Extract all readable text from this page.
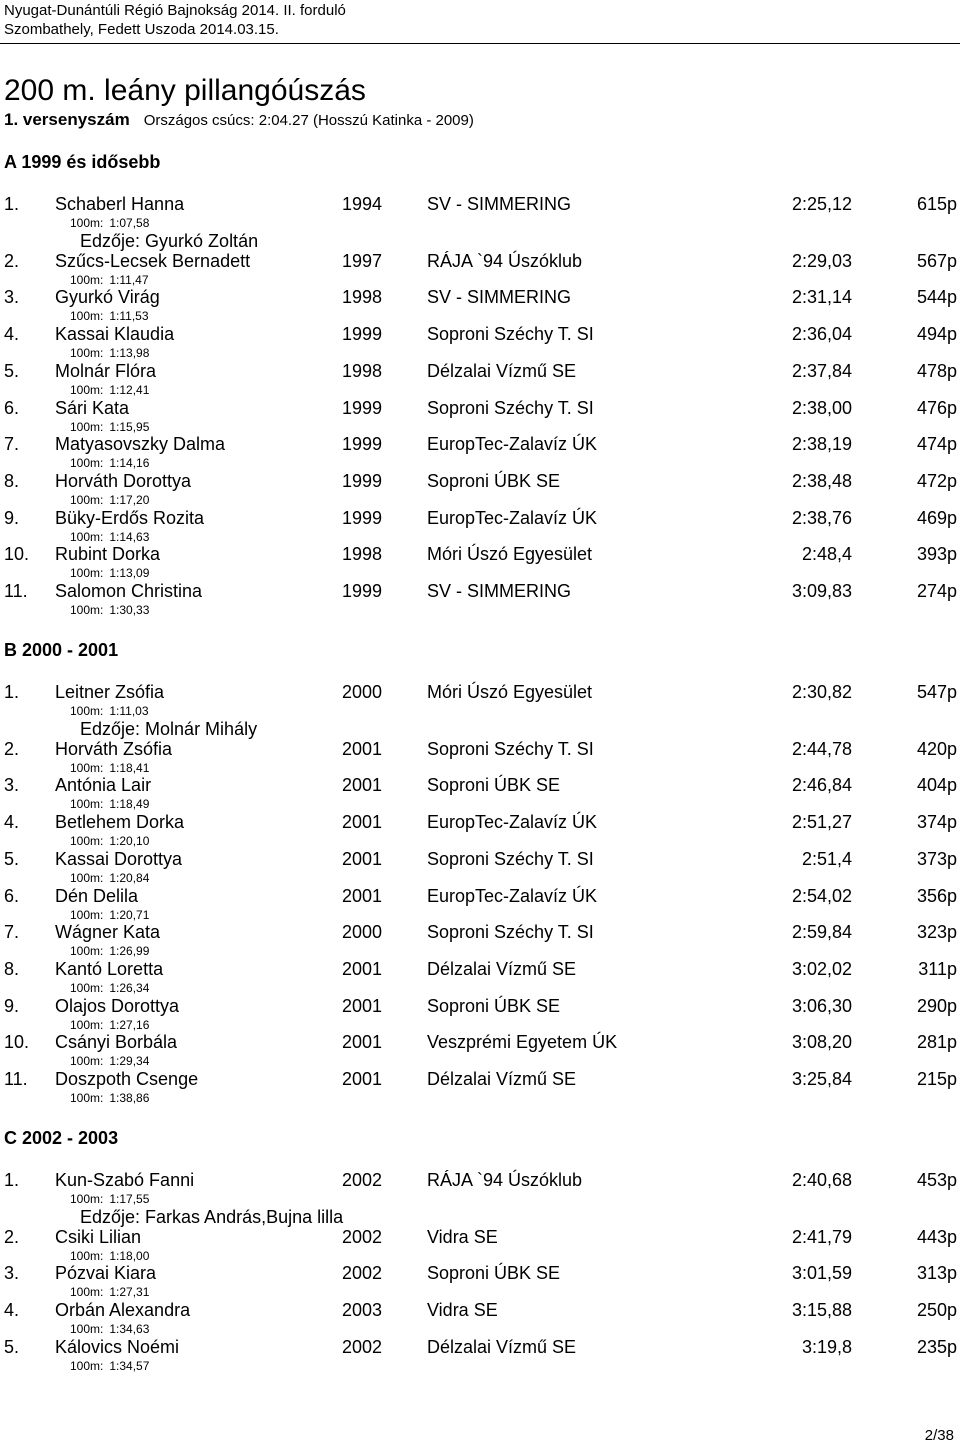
Nyugat-Dunántúli Régió Bajnokság 2014. II. forduló
Szombathely, Fedett Uszoda 2014.03.15.
200 m. leány pillangóúszás
1. versenyszám Országos csúcs: 2:04.27 (Hosszú Katinka - 2009)
A 1999 és idősebb
1. Schaberl Hanna	1994 SV - SIMMERING	2:25,12	615p
100m: 1:07,58
Edzője: Gyurkó Zoltán
2. Szűcs-Lecsek Bernadett	1997 RÁJA `94 Úszóklub	2:29,03	567p
100m: 1:11,47
3. Gyurkó Virág	1998 SV - SIMMERING	2:31,14	544p
100m: 1:11,53
4. Kassai Klaudia	1999 Soproni Széchy T. SI	2:36,04	494p
100m: 1:13,98
5. Molnár Flóra	1998 Délzalai Vízmű SE	2:37,84	478p
100m: 1:12,41
6. Sári Kata	1999 Soproni Széchy T. SI	2:38,00	476p
100m: 1:15,95
7. Matyasovszky Dalma	1999 EuropTec-Zalavíz ÚK	2:38,19	474p
100m: 1:14,16
8. Horváth Dorottya	1999 Soproni ÚBK SE	2:38,48	472p
100m: 1:17,20
9. Büky-Erdős Rozita	1999 EuropTec-Zalavíz ÚK	2:38,76	469p
100m: 1:14,63
10. Rubint Dorka	1998 Móri Úszó Egyesület	2:48,4	393p
100m: 1:13,09
11. Salomon Christina	1999 SV - SIMMERING	3:09,83	274p
100m: 1:30,33
B 2000 - 2001
1. Leitner Zsófia	2000 Móri Úszó Egyesület	2:30,82	547p
100m: 1:11,03
Edzője: Molnár Mihály
2. Horváth Zsófia	2001 Soproni Széchy T. SI	2:44,78	420p
100m: 1:18,41
3. Antónia Lair	2001 Soproni ÚBK SE	2:46,84	404p
100m: 1:18,49
4. Betlehem Dorka	2001 EuropTec-Zalavíz ÚK	2:51,27	374p
100m: 1:20,10
5. Kassai Dorottya	2001 Soproni Széchy T. SI	2:51,4	373p
100m: 1:20,84
6. Dén Delila	2001 EuropTec-Zalavíz ÚK	2:54,02	356p
100m: 1:20,71
7. Wágner Kata	2000 Soproni Széchy T. SI	2:59,84	323p
100m: 1:26,99
8. Kantó Loretta	2001 Délzalai Vízmű SE	3:02,02	311p
100m: 1:26,34
9. Olajos Dorottya	2001 Soproni ÚBK SE	3:06,30	290p
100m: 1:27,16
10. Csányi Borbála	2001 Veszprémi Egyetem ÚK	3:08,20	281p
100m: 1:29,34
11. Doszpoth Csenge	2001 Délzalai Vízmű SE	3:25,84	215p
100m: 1:38,86
C 2002 - 2003
1. Kun-Szabó Fanni	2002 RÁJA `94 Úszóklub	2:40,68	453p
100m: 1:17,55
Edzője: Farkas András,Bujna lilla
2. Csiki Lilian	2002 Vidra SE	2:41,79	443p
100m: 1:18,00
3. Pózvai Kiara	2002 Soproni ÚBK SE	3:01,59	313p
100m: 1:27,31
4. Orbán Alexandra	2003 Vidra SE	3:15,88	250p
100m: 1:34,63
5. Kálovics Noémi	2002 Délzalai Vízmű SE	3:19,8	235p
100m: 1:34,57
2/38
